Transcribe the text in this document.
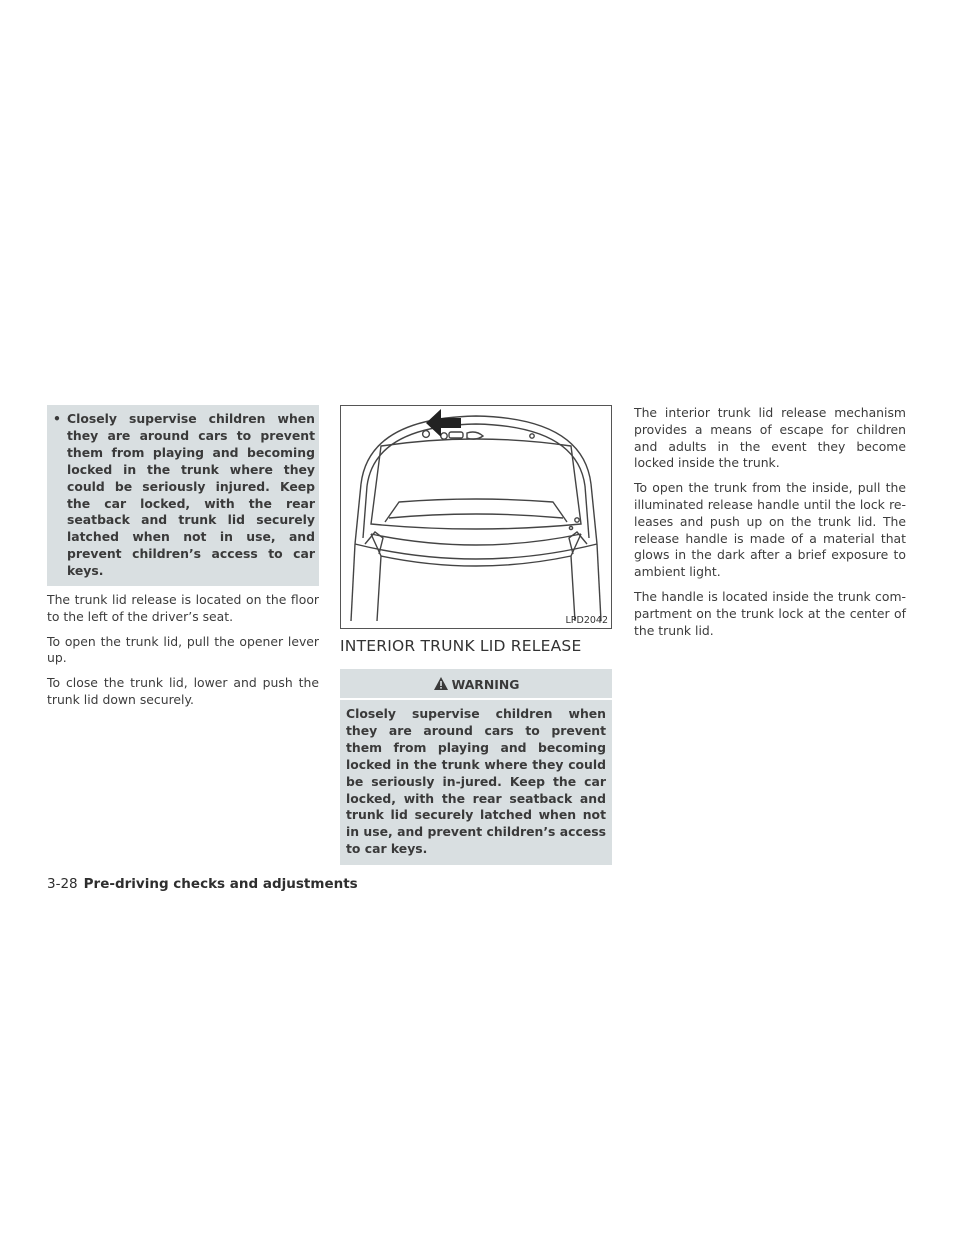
• Closely supervise children when they are around cars to prevent them from playing and becoming locked in the trunk where they could be seriously injured. Keep the car locked, with the rear seatback and trunk lid securely latched when not in use, and prevent children’s access to car keys.

The trunk lid release is located on the floor to the left of the driver’s seat.

To open the trunk lid, pull the opener lever up.

To close the trunk lid, lower and push the trunk lid down securely.

LPD2042
INTERIOR TRUNK LID RELEASE
WARNING
Closely supervise children when they are around cars to prevent them from playing and becoming locked in the trunk where they could be seriously in-jured. Keep the car locked, with the rear seatback and trunk lid securely latched when not in use, and prevent children’s access to car keys.

The interior trunk lid release mechanism provides a means of escape for children and adults in the event they become locked inside the trunk.

To open the trunk from the inside, pull the illuminated release handle until the lock re-leases and push up on the trunk lid. The release handle is made of a material that glows in the dark after a brief exposure to ambient light.

The handle is located inside the trunk com-partment on the trunk lock at the center of the trunk lid.

3-28 Pre-driving checks and adjustments
